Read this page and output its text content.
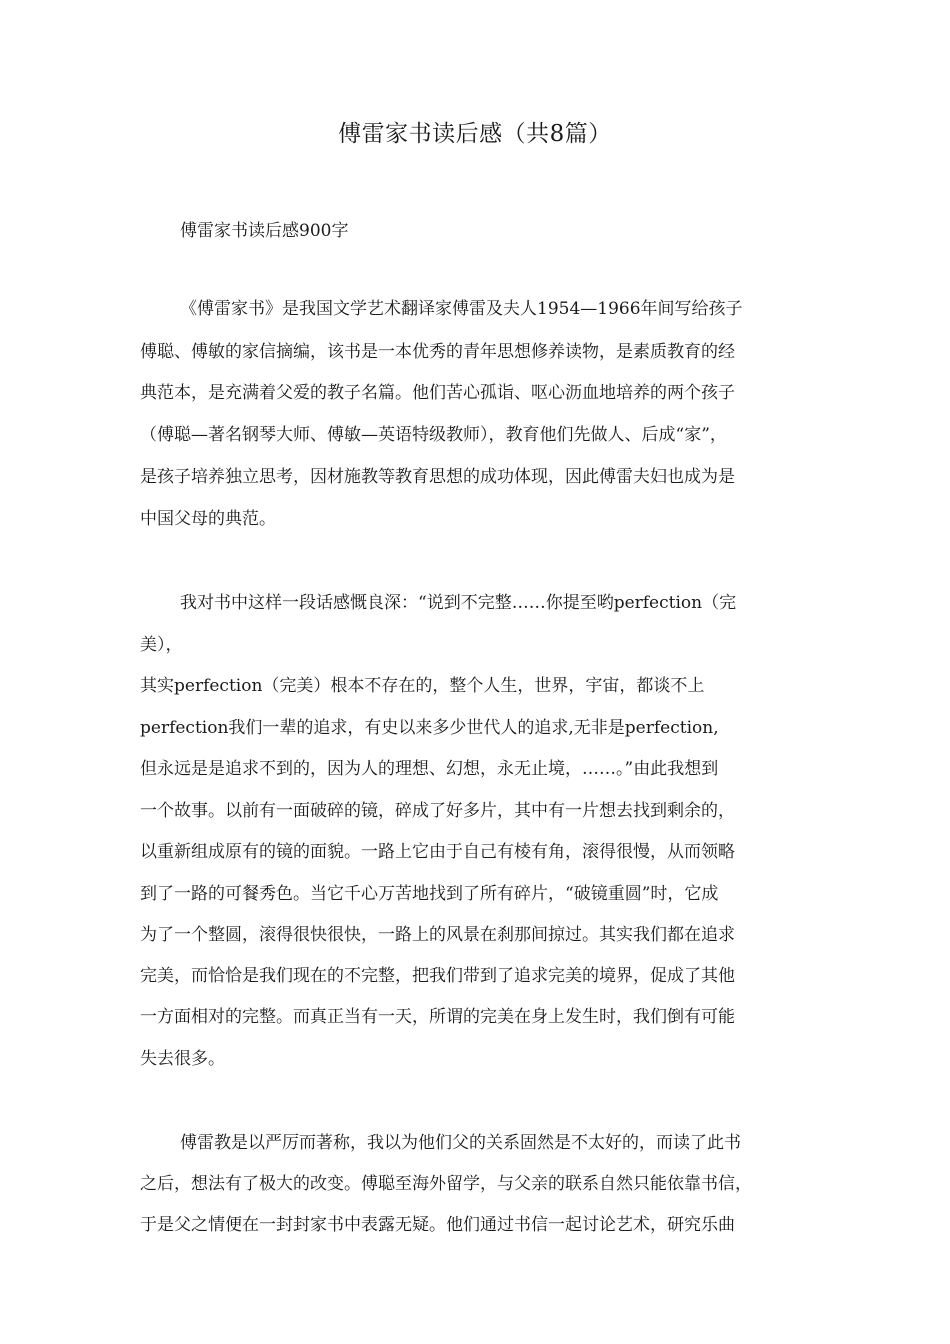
傅雷家书读后感（共8篇）
傅雷家书读后感900字
《傅雷家书》是我国文学艺术翻译家傅雷及夫人1954—1966年间写给孩子
傅聪、傅敏的家信摘编，该书是一本优秀的青年思想修养读物，是素质教育的经
典范本，是充满着父爱的教子名篇。他们苦心孤诣、呕心沥血地培养的两个孩子
（傅聪—著名钢琴大师、傅敏—英语特级教师），教育他们先做人、后成“家”，
是孩子培养独立思考，因材施教等教育思想的成功体现，因此傅雷夫妇也成为是
中国父母的典范。
我对书中这样一段话感慨良深：“说到不完整……你提至哟perfection（完
美），
其实perfection（完美）根本不存在的，整个人生，世界，宇宙，都谈不上
perfection我们一辈的追求，有史以来多少世代人的追求,无非是perfection,
但永远是是追求不到的，因为人的理想、幻想，永无止境，……。”由此我想到
一个故事。以前有一面破碎的镜，碎成了好多片，其中有一片想去找到剩余的，
以重新组成原有的镜的面貌。一路上它由于自己有棱有角，滚得很慢，从而领略
到了一路的可餐秀色。当它千心万苦地找到了所有碎片，“破镜重圆”时，它成
为了一个整圆，滚得很快很快，一路上的风景在刹那间掠过。其实我们都在追求
完美，而恰恰是我们现在的不完整，把我们带到了追求完美的境界，促成了其他
一方面相对的完整。而真正当有一天，所谓的完美在身上发生时，我们倒有可能
失去很多。
傅雷教是以严厉而著称，我以为他们父的关系固然是不太好的，而读了此书
之后，想法有了极大的改变。傅聪至海外留学，与父亲的联系自然只能依靠书信，
于是父之情便在一封封家书中表露无疑。他们通过书信一起讨论艺术，研究乐曲
